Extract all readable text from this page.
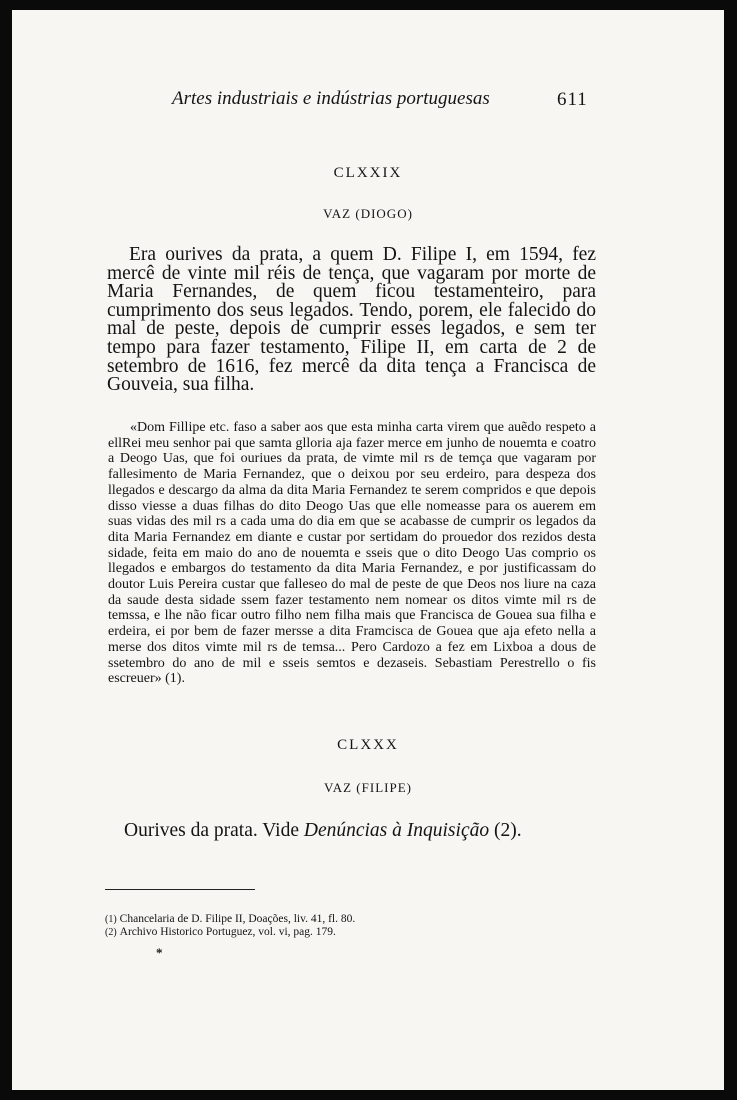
Artes industriais e indústrias portuguesas	611
CLXXIX
VAZ (DIOGO)
Era ourives da prata, a quem D. Filipe I, em 1594, fez mercê de vinte mil réis de tença, que vagaram por morte de Maria Fernandes, de quem ficou testamenteiro, para cumprimento dos seus legados. Tendo, porem, ele falecido do mal de peste, depois de cumprir esses legados, e sem ter tempo para fazer testamento, Filipe II, em carta de 2 de setembro de 1616, fez mercê da dita tença a Francisca de Gouveia, sua filha.
«Dom Fillipe etc. faso a saber aos que esta minha carta virem que auẽdo respeto a ellRei meu senhor pai que samta glloria aja fazer merce em junho de nouemta e coatro a Deogo Uas, que foi ouriues da prata, de vimte mil rs de temça que vagaram por fallesimento de Maria Fernandez, que o deixou por seu erdeiro, para despeza dos llegados e descargo da alma da dita Maria Fernandez te serem compridos e que depois disso viesse a duas filhas do dito Deogo Uas que elle nomeasse para os auerem em suas vidas des mil rs a cada uma do dia em que se acabasse de cumprir os legados da dita Maria Fernandez em diante e custar por sertidam do prouedor dos rezidos desta sidade, feita em maio do ano de nouemta e sseis que o dito Deogo Uas comprio os llegados e embargos do testamento da dita Maria Fernandez, e por justificassam do doutor Luis Pereira custar que falleseo do mal de peste de que Deos nos liure na caza da saude desta sidade ssem fazer testamento nem nomear os ditos vimte mil rs de temssa, e lhe não ficar outro filho nem filha mais que Francisca de Gouea sua filha e erdeira, ei por bem de fazer mersse a dita Framcisca de Gouea que aja efeto nella a merse dos ditos vimte mil rs de temsa... Pero Cardozo a fez em Lixboa a dous de ssetembro do ano de mil e sseis semtos e dezaseis. Sebastiam Perestrello o fis escreuer» (1).
CLXXX
VAZ (FILIPE)
Ourives da prata. Vide Denúncias à Inquisição (2).
(1) Chancelaria de D. Filipe II, Doações, liv. 41, fl. 80.
(2) Archivo Historico Portuguez, vol. vi, pag. 179.
*
